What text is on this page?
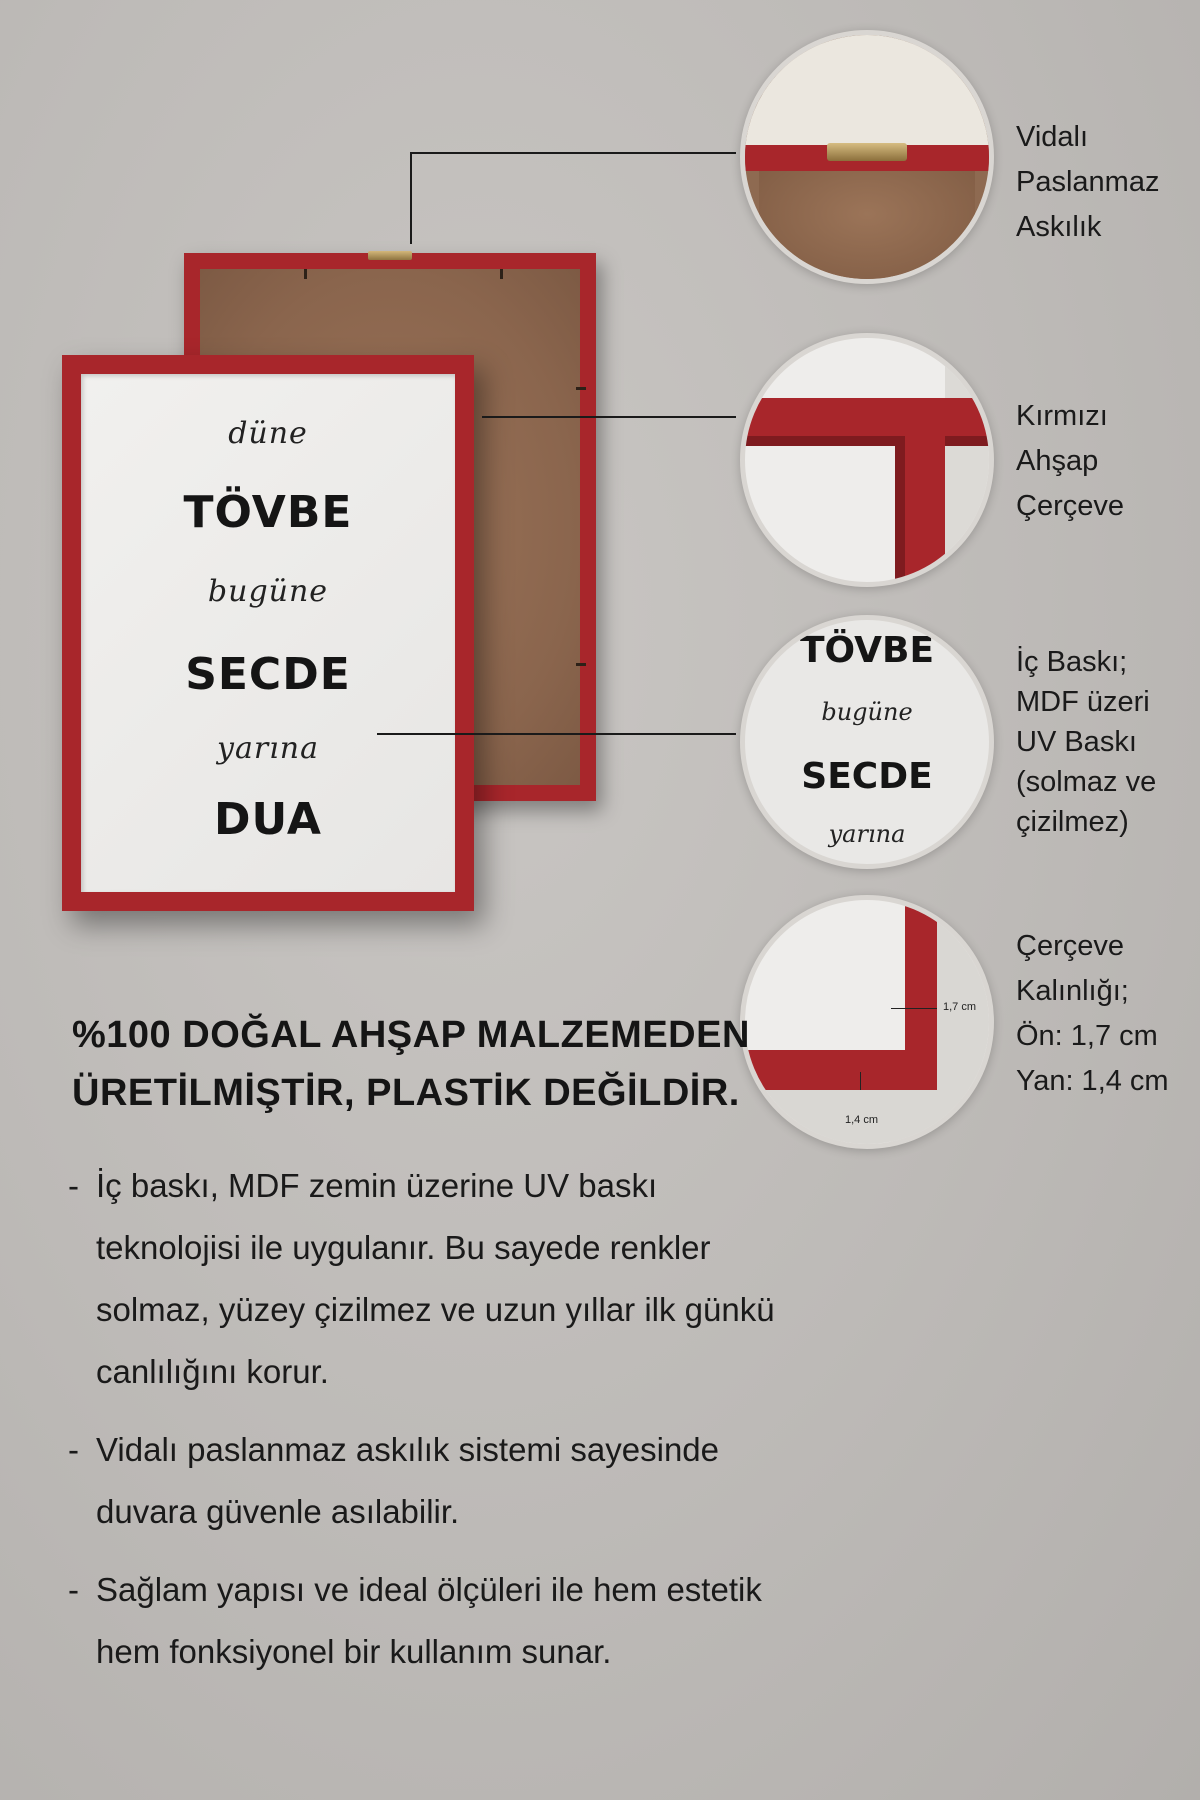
düne
TÖVBE
bugüne
SECDE
yarına
DUA
Vidalı
Paslanmaz
Askılık
Kırmızı
Ahşap
Çerçeve
TÖVBE
bugüne
SECDE
yarına
İç Baskı;
MDF üzeri
UV Baskı
(solmaz ve
çizilmez)
1,7 cm
1,4 cm
Çerçeve
Kalınlığı;
Ön: 1,7 cm
Yan: 1,4 cm
%100 DOĞAL AHŞAP MALZEMEDEN
ÜRETİLMİŞTİR, PLASTİK DEĞİLDİR.
- İç baskı, MDF zemin üzerine UV baskı teknolojisi ile uygulanır. Bu sayede renkler solmaz, yüzey çizilmez ve uzun yıllar ilk günkü canlılığını korur.
- Vidalı paslanmaz askılık sistemi sayesinde duvara güvenle asılabilir.
- Sağlam yapısı ve ideal ölçüleri ile hem estetik hem fonksiyonel bir kullanım sunar.
